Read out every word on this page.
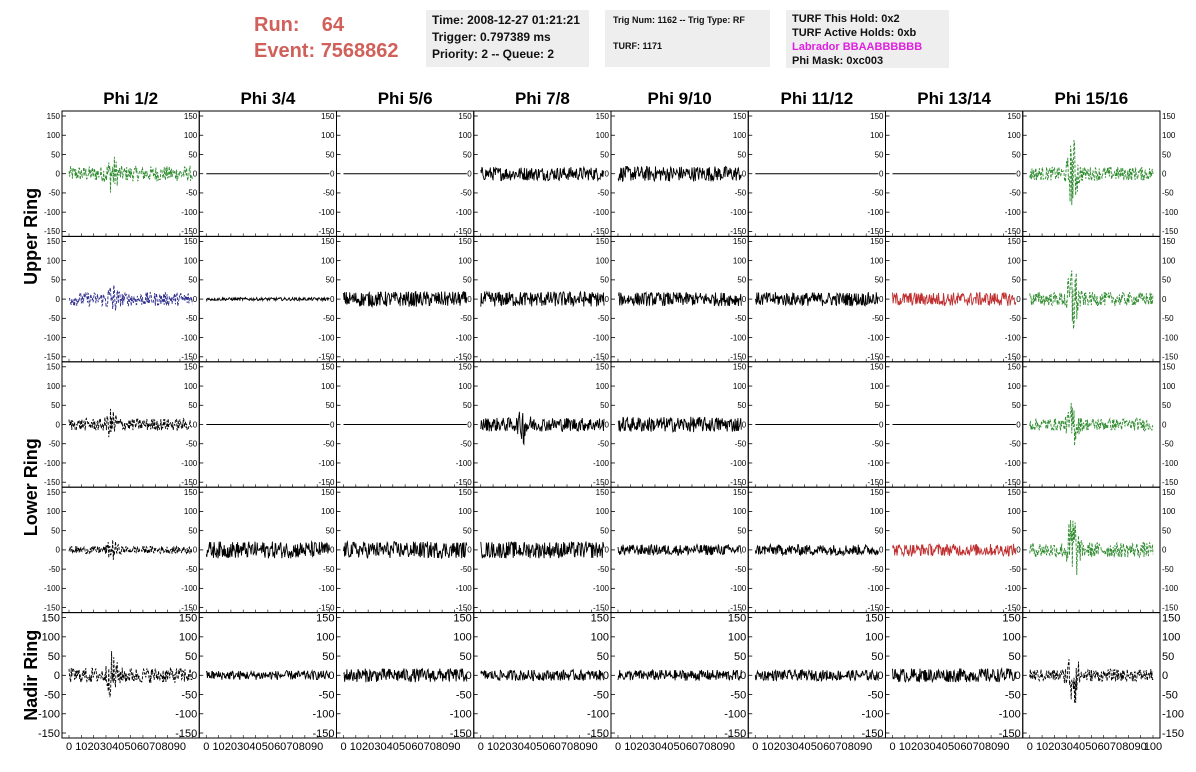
Run: 64
Event: 7568862
Time: 2008-12-27 01:21:21
Trigger: 0.797389 ms
Priority: 2 -- Queue: 2
Trig Num: 1162 -- Trig Type: RF
TURF: 1171
TURF This Hold: 0x2
TURF Active Holds: 0xb
Labrador BBAABBBBBB
Phi Mask: 0xc003
Phi 1/2	Phi 3/4	Phi 5/6	Phi 7/8	Phi 9/10	Phi 11/12	Phi 13/14	Phi 15/16
Upper Ring
Lower Ring
Nadir Ring
150
100
50
0
-50
-100
-150
150
100
50
0
-50
-100
-150
150
100
50
0
-50
-100
-150
150
100
50
0
-50
-100
-150
150
100
50
0
-50
-100
-150
150
100
50
0
-50
-100
-150
150
100
50
0
-50
-100
-150
150
100
50
0
-50
-100
-150
150
100
50
0
-50
-100
-150
150
100
50
0
-50
-100
-150
150
100
50
0
-50
-100
-150
150
100
50
0
-50
-100
-150
150
100
50
0
-50
-100
-150
150
100
50
0
-50
-100
-150
150
100
50
0
-50
-100
-150
150
100
50
0
-50
-100
-150
150
100
50
0
-50
-100
-150
150
100
50
0
-50
-100
-150
150
100
50
0
-50
-100
-150
150
100
50
0
-50
-100
-150
150
100
50
0
-50
-100
-150
150
100
50
0
-50
-100
-150
150
100
50
0
-50
-100
-150
150
100
50
0
-50
-100
-150
150
100
50
0
-50
-100
-150
150
100
50
0
-50
-100
-150
150
100
50
0
-50
-100
-150
150
100
50
0
-50
-100
-150
150
100
50
0
-50
-100
-150
150
100
50
0
-50
-100
-150
150
100
50
0
-50
-100
-150
150
100
50
0
-50
-100
-150
150
100
50
0
-50
-100
-150
150
100
50
0
-50
-100
-150
150
100
50
0
-50
-100
-150
150
100
50
0
-50
-100
-150
150
100
50
0
-50
-100
-150
150
100
50
0
-50
-100
-150
150
100
50
0
-50
-100
-150
150
100
50
0
-50
-100
-150
150
100
50
0
-50
-100
-150
150
100
50
0
-50
-100
-150
150
100
50
0
-50
-100
-150
150
100
50
0
-50
-100
-150
150
100
50
0
-50
-100
-150
0 10 20 30 40 50 60 70 80 90 0 10 20 30 40 50 60 70 80 90 0 10 20 30 40 50 60 70 80 90 0 10 20 30 40 50 60 70 80 90 0 10 20 30 40 50 60 70 80 90 0 10 20 30 40 50 60 70 80 90 0 10 20 30 40 50 60 70 80 90 0 10 20 30 40 50 60 70 80 90
100
